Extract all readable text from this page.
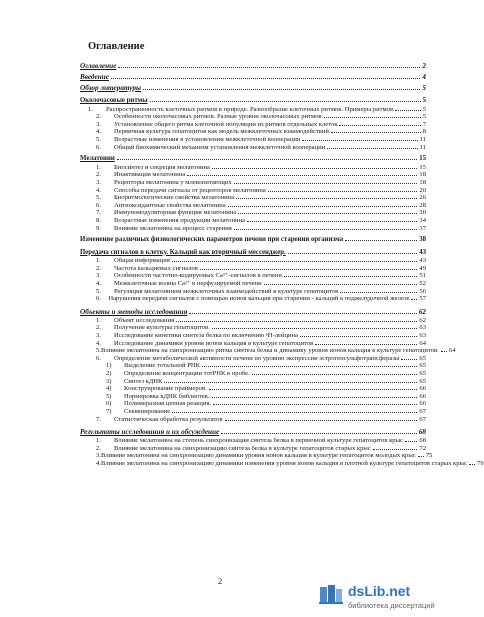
Оглавление
Оглавление	2
Введение	4
Обзор литературы	5
Околочасовые ритмы	5
1.	Распространенность клеточных ритмов в природе. Разнообразие клеточных ритмов. Примеры ритмов	5
2.	Особенности околочасовых ритмов. Разные уровни околочасовых ритмов	5
3.	Установление общего ритма клеточной популяции из ритмов отдельных клеток	7
4.	Первичная культура гепатоцитов как модель межклеточных взаимодействий	8
5.	Возрастные изменения в установлении межклеточной кооперации	11
6.	Общий биохимический механизм установления межклеточной кооперации	11
Мелатонин	15
1.	Биосинтез и секреция мелатонина	15
2.	Инактивация мелатонина	18
3.	Рецепторы мелатонина у млекопитающих	18
4.	Способы передачи сигнала от рецепторов мелатонина	20
5.	Биоритмологические свойства мелатонина	26
6.	Антиоксидантные свойства мелатонина	28
7.	Иммуномодуляторная функция мелатонина	30
8.	Возрастные изменения продукции мелатонина	34
9.	Влияние мелатонина на процесс старения	37
Изменение различных физиологических параметров печени при старении организма	38
Передача сигналов в клетку. Кальций как вторичный мессенджер.	43
1.	Общая информация	43
2.	Частота кальциевых сигналов	49
3.	Особенности частотно-кодируемых Ca²⁺-сигналов в печени	51
4.	Межклеточные волны Ca²⁺ в перфузируемой печени	52
5.	Регуляция мелатонином межклеточных взаимодействий в культуре гепатоцитов	56
6.	Нарушения передачи сигналов с помощью ионов кальция при старении - кальций в поджелудочной железе 57
Объекты и методы исследования	62
1.	Объект исследования	62
2.	Получение культуры гепатоцитов.	63
3.	Исследование кинетики синтеза белка по включению ³Н-лейцина	63
4.	Исследование динамики уровня ионов кальция в культуре гепатоцитов	64
5. Влияние мелатонина на синхронизацию ритма синтеза белка и динамику уровня ионов кальция в культуре гепатоцитов. 64
6.	Определение метаболической активности печени по уровню экспрессии эстрогенсульфотрансферазы	65
1)	Выделение тотальной РНК	65
2)	Определение концентрации тотРНК в пробе.	65
3)	Синтез кДНК	65
4)	Конструирование праймеров.	66
5)	Нормировка кДНК библиотек.	66
6)	Полимеразная цепная реакция.	66
7)	Секвенирование	67
7.	Статистическая обработка результатов	67
Результаты исследования и их обсуждение	68
1.	Влияние мелатонина на степень синхронизации синтеза белка в первичной культуре гепатоцитов крыс 68
2.	Влияние мелатонина на синхронизацию синтеза белка в культуре гепатоцитов старых крыс	72
3. Влияние мелатонина на синхронизацию динамики уровня ионов кальция в культуре гепатоцитов молодых крыс 75
4. Влияние мелатонина на синхронизацию динамики изменения уровня ионов кальция в плотной культуре гепатоцитов старых крыс 79
2
dsLib.net
библиотека диссертаций
